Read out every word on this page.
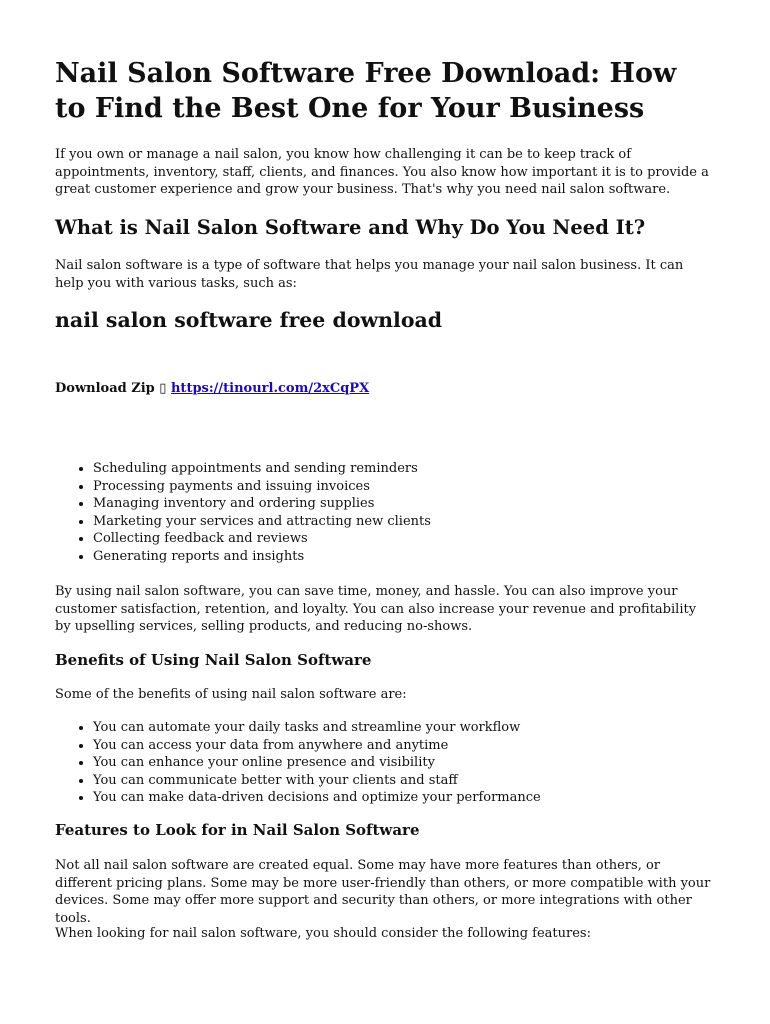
Nail Salon Software Free Download: How to Find the Best One for Your Business

If you own or manage a nail salon, you know how challenging it can be to keep track of appointments, inventory, staff, clients, and finances. You also know how important it is to provide a great customer experience and grow your business. That's why you need nail salon software.

What is Nail Salon Software and Why Do You Need It?

Nail salon software is a type of software that helps you manage your nail salon business. It can help you with various tasks, such as:

nail salon software free download
Download Zip ▯ https://tinourl.com/2xCqPX
• Scheduling appointments and sending reminders
• Processing payments and issuing invoices
• Managing inventory and ordering supplies
• Marketing your services and attracting new clients
• Collecting feedback and reviews
• Generating reports and insights

By using nail salon software, you can save time, money, and hassle. You can also improve your customer satisfaction, retention, and loyalty. You can also increase your revenue and profitability by upselling services, selling products, and reducing no-shows.

Benefits of Using Nail Salon Software

Some of the benefits of using nail salon software are:

• You can automate your daily tasks and streamline your workflow
• You can access your data from anywhere and anytime
• You can enhance your online presence and visibility
• You can communicate better with your clients and staff
• You can make data-driven decisions and optimize your performance
Features to Look for in Nail Salon Software

Not all nail salon software are created equal. Some may have more features than others, or different pricing plans. Some may be more user-friendly than others, or more compatible with your devices. Some may offer more support and security than others, or more integrations with other tools.

When looking for nail salon software, you should consider the following features:
